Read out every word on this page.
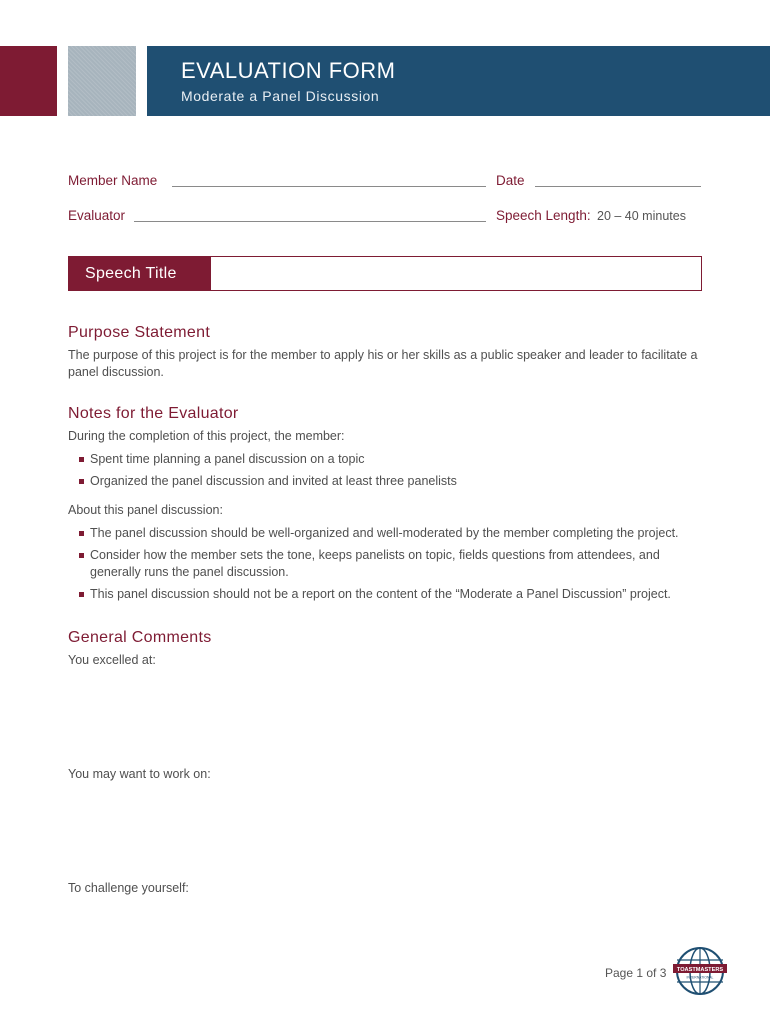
EVALUATION FORM
Moderate a Panel Discussion
Member Name	Date
Evaluator	Speech Length: 20 – 40 minutes
Speech Title
Purpose Statement
The purpose of this project is for the member to apply his or her skills as a public speaker and leader to facilitate a panel discussion.
Notes for the Evaluator
During the completion of this project, the member:
Spent time planning a panel discussion on a topic
Organized the panel discussion and invited at least three panelists
About this panel discussion:
The panel discussion should be well-organized and well-moderated by the member completing the project.
Consider how the member sets the tone, keeps panelists on topic, fields questions from attendees, and generally runs the panel discussion.
This panel discussion should not be a report on the content of the “Moderate a Panel Discussion” project.
General Comments
You excelled at:
You may want to work on:
To challenge yourself:
Page 1 of 3 TOASTMASTERS
INTERNATIONAL
